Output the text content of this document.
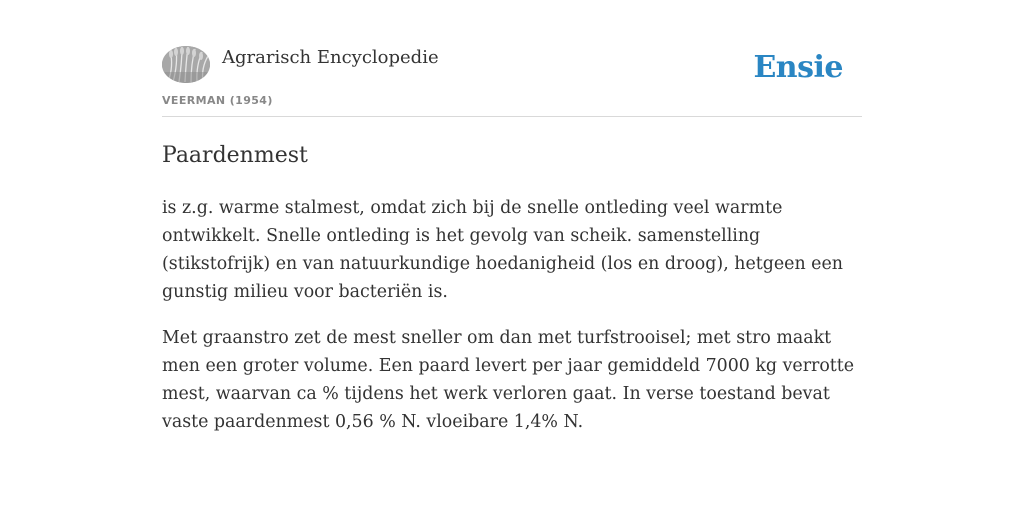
Agrarisch Encyclopedie
VEERMAN (1954)
Ensie
Paardenmest

is z.g. warme stalmest, omdat zich bij de snelle ontleding veel warmte ontwikkelt. Snelle ontleding is het gevolg van scheik. samenstelling (stikstofrijk) en van natuurkundige hoedanigheid (los en droog), hetgeen een gunstig milieu voor bacteriën is.

Met graanstro zet de mest sneller om dan met turfstrooisel; met stro maakt men een groter volume. Een paard levert per jaar gemiddeld 7000 kg verrotte mest, waarvan ca % tijdens het werk verloren gaat. In verse toestand bevat vaste paardenmest 0,56 % N. vloeibare 1,4% N.
